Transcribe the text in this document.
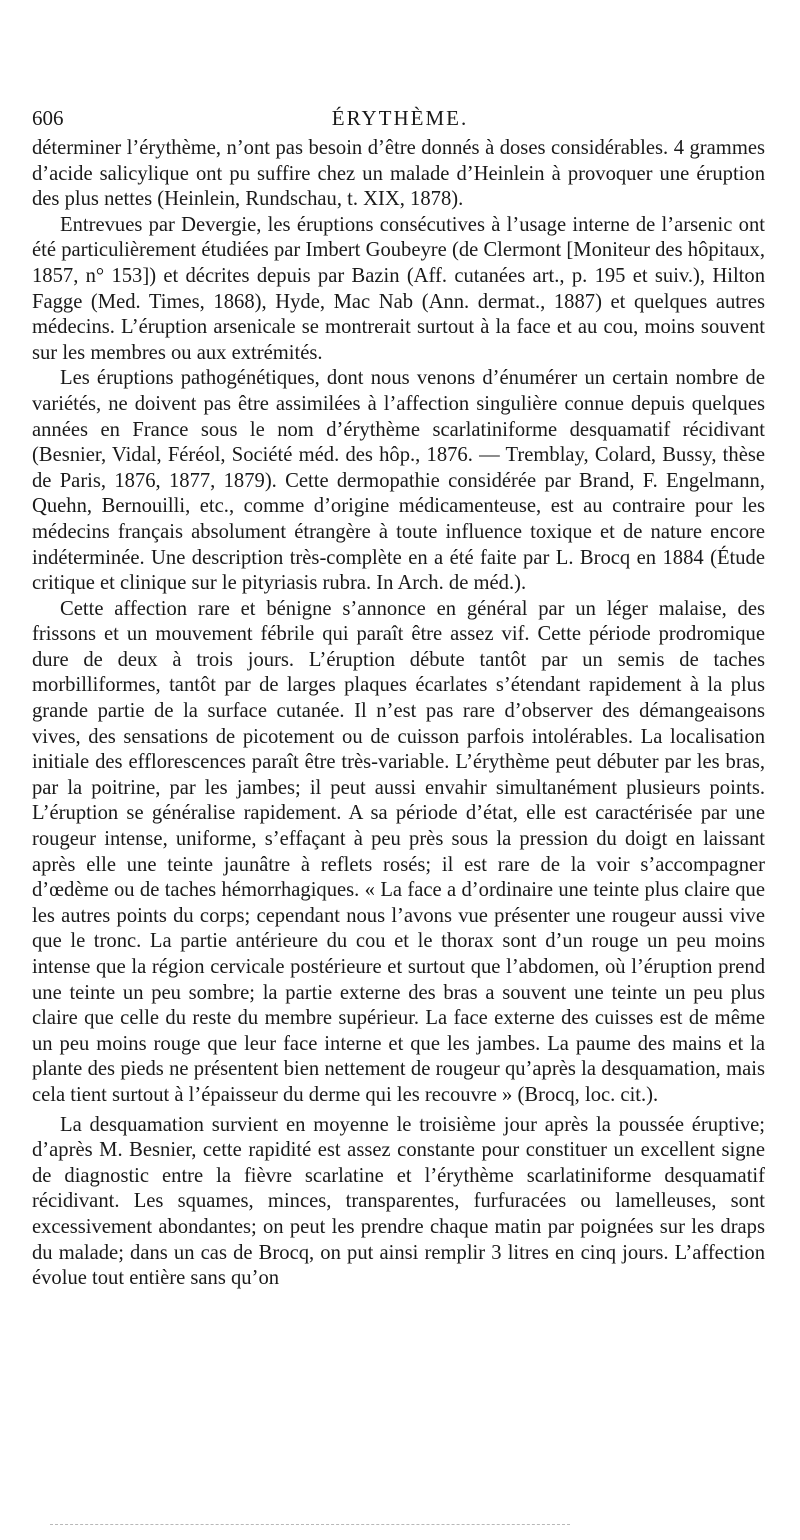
606	ÉRYTHÈME.

déterminer l’érythème, n’ont pas besoin d’être donnés à doses considérables. 4 grammes d’acide salicylique ont pu suffire chez un malade d’Heinlein à provoquer une éruption des plus nettes (Heinlein, Rundschau, t. XIX, 1878).

Entrevues par Devergie, les éruptions consécutives à l’usage interne de l’arsenic ont été particulièrement étudiées par Imbert Goubeyre (de Clermont [Moniteur des hôpitaux, 1857, n° 153]) et décrites depuis par Bazin (Aff. cutanées art., p. 195 et suiv.), Hilton Fagge (Med. Times, 1868), Hyde, Mac Nab (Ann. dermat., 1887) et quelques autres médecins. L’éruption arsenicale se montrerait surtout à la face et au cou, moins souvent sur les membres ou aux extrémités.

Les éruptions pathogénétiques, dont nous venons d’énumérer un certain nombre de variétés, ne doivent pas être assimilées à l’affection singulière connue depuis quelques années en France sous le nom d’érythème scarlatiniforme desquamatif récidivant (Besnier, Vidal, Féréol, Société méd. des hôp., 1876. — Tremblay, Colard, Bussy, thèse de Paris, 1876, 1877, 1879). Cette dermopathie considérée par Brand, F. Engelmann, Quehn, Bernouilli, etc., comme d’origine médicamenteuse, est au contraire pour les médecins français absolument étrangère à toute influence toxique et de nature encore indéterminée. Une description très-complète en a été faite par L. Brocq en 1884 (Étude critique et clinique sur le pityriasis rubra. In Arch. de méd.).

Cette affection rare et bénigne s’annonce en général par un léger malaise, des frissons et un mouvement fébrile qui paraît être assez vif. Cette période prodromique dure de deux à trois jours. L’éruption débute tantôt par un semis de taches morbilliformes, tantôt par de larges plaques écarlates s’étendant rapidement à la plus grande partie de la surface cutanée. Il n’est pas rare d’observer des démangeaisons vives, des sensations de picotement ou de cuisson parfois intolérables. La localisation initiale des efflorescences paraît être très-variable. L’érythème peut débuter par les bras, par la poitrine, par les jambes; il peut aussi envahir simultanément plusieurs points. L’éruption se généralise rapidement. A sa période d’état, elle est caractérisée par une rougeur intense, uniforme, s’effaçant à peu près sous la pression du doigt en laissant après elle une teinte jaunâtre à reflets rosés; il est rare de la voir s’accompagner d’œdème ou de taches hémorrhagiques. « La face a d’ordinaire une teinte plus claire que les autres points du corps; cependant nous l’avons vue présenter une rougeur aussi vive que le tronc. La partie antérieure du cou et le thorax sont d’un rouge un peu moins intense que la région cervicale postérieure et surtout que l’abdomen, où l’éruption prend une teinte un peu sombre; la partie externe des bras a souvent une teinte un peu plus claire que celle du reste du membre supérieur. La face externe des cuisses est de même un peu moins rouge que leur face interne et que les jambes. La paume des mains et la plante des pieds ne présentent bien nettement de rougeur qu’après la desquamation, mais cela tient surtout à l’épaisseur du derme qui les recouvre » (Brocq, loc. cit.).

La desquamation survient en moyenne le troisième jour après la poussée éruptive; d’après M. Besnier, cette rapidité est assez constante pour constituer un excellent signe de diagnostic entre la fièvre scarlatine et l’érythème scarlatiniforme desquamatif récidivant. Les squames, minces, transparentes, furfuracées ou lamelleuses, sont excessivement abondantes; on peut les prendre chaque matin par poignées sur les draps du malade; dans un cas de Brocq, on put ainsi remplir 3 litres en cinq jours. L’affection évolue tout entière sans qu’on
